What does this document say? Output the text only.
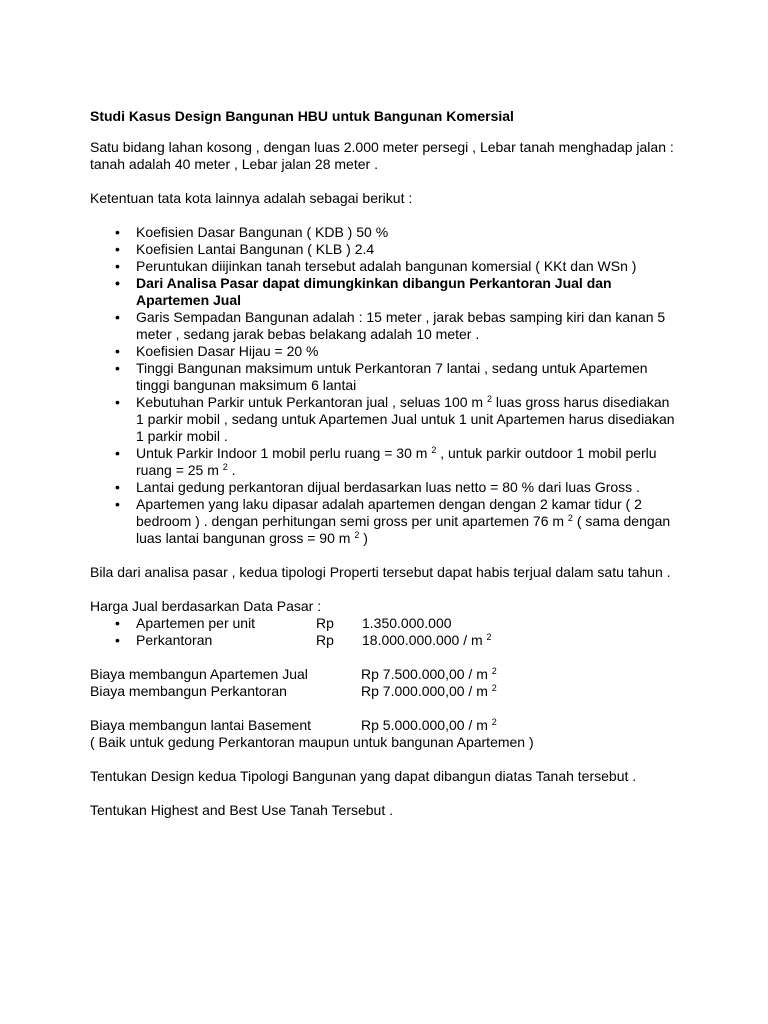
Studi Kasus Design Bangunan HBU untuk Bangunan Komersial

Satu bidang lahan kosong , dengan luas 2.000 meter persegi , Lebar tanah menghadap jalan :

tanah adalah 40 meter , Lebar jalan 28 meter .

Ketentuan tata kota lainnya adalah sebagai berikut :

• Koefisien Dasar Bangunan ( KDB ) 50 %
• Koefisien Lantai Bangunan ( KLB ) 2.4
• Peruntukan diijinkan tanah tersebut adalah bangunan komersial ( KKt dan WSn )
• Dari Analisa Pasar dapat dimungkinkan dibangun Perkantoran Jual dan
Apartemen Jual
• Garis Sempadan Bangunan adalah : 15 meter , jarak bebas samping kiri dan kanan 5
meter , sedang jarak bebas belakang adalah 10 meter .
• Koefisien Dasar Hijau = 20 %
• Tinggi Bangunan maksimum untuk Perkantoran 7 lantai , sedang untuk Apartemen
tinggi bangunan maksimum 6 lantai
• Kebutuhan Parkir untuk Perkantoran jual , seluas 100 m $^2$ luas gross harus disediakan
1 parkir mobil , sedang untuk Apartemen Jual untuk 1 unit Apartemen harus disediakan
1 parkir mobil .
• Untuk Parkir Indoor 1 mobil perlu ruang = 30 m $^2$ , untuk parkir outdoor 1 mobil perlu
ruang = 25 m $^2$ .
• Lantai gedung perkantoran dijual berdasarkan luas netto = 80 % dari luas Gross .
• Apartemen yang laku dipasar adalah apartemen dengan dengan 2 kamar tidur ( 2
bedroom ) . dengan perhitungan semi gross per unit apartemen 76 m $^2$ ( sama dengan
luas lantai bangunan gross = 90 m $^2$ )

Bila dari analisa pasar , kedua tipologi Properti tersebut dapat habis terjual dalam satu tahun .

Harga Jual berdasarkan Data Pasar :

• Apartemen per unit	Rp 1.350.000.000
• Perkantoran	Rp 18.000.000.000 / m $^2$
Biaya membangun Apartemen Jual	Rp 7.500.000,00 / m $^2$
Biaya membangun Perkantoran	Rp 7.000.000,00 / m $^2$
Biaya membangun lantai Basement	Rp 5.000.000,00 / m $^2$

( Baik untuk gedung Perkantoran maupun untuk bangunan Apartemen )

Tentukan Design kedua Tipologi Bangunan yang dapat dibangun diatas Tanah tersebut .

Tentukan Highest and Best Use Tanah Tersebut .
